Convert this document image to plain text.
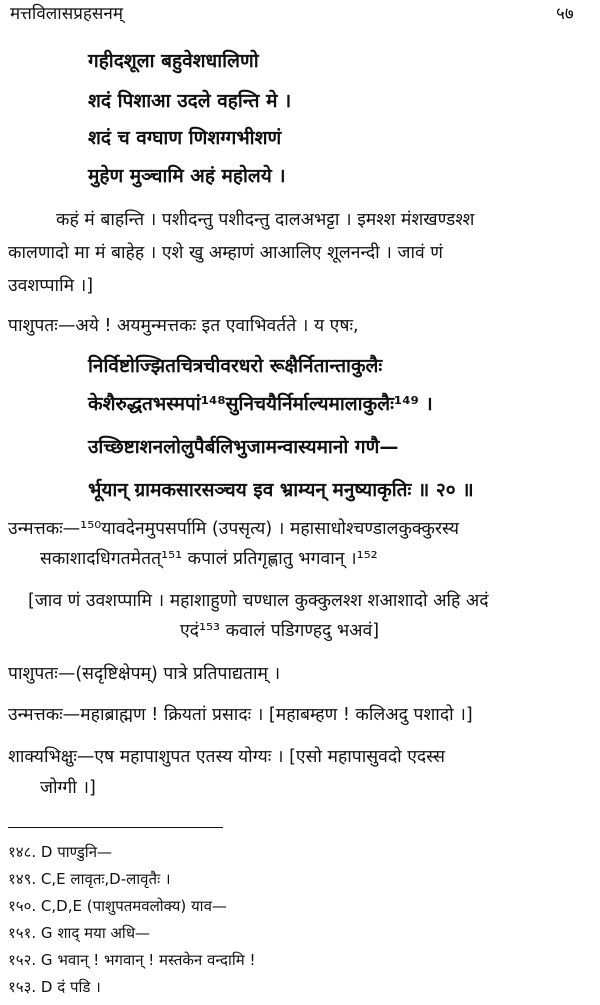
मत्तविलासप्रहसनम्	५७
गहीदशूला बहुवेशधालिणो
शदं पिशाआ उदले वहन्ति मे ।
शदं च वग्घाण णिशग्गभीशणं
मुहेण मुञ्चामि अहं महोलये ।
कहं मं बाहन्ति । पशीदन्तु पशीदन्तु दालअभट्टा । इमश्श मंशखण्डश्श
कालणादो मा मं बाहेह । एशे खु अम्हाणं आआलिए शूलनन्दी । जावं णं
उवशप्पामि ।]
पाशुपतः—अये ! अयमुन्मत्तकः इत एवाभिवर्तते । य एषः,
निर्विष्टोज्झितचित्रचीवरधरो रूक्षैर्नितान्ताकुलैः
केशैरुद्धतभस्मपां¹⁴⁸सुनिचयैर्निर्माल्यमालाकुलैः¹⁴⁹ ।
उच्छिष्टाशनलोलुपैर्बलिभुजामन्वास्यमानो गणै—
र्भूयान् ग्रामकसारसञ्चय इव भ्राम्यन् मनुष्याकृतिः ॥ २० ॥
उन्मत्तकः—¹⁵⁰यावदेनमुपसर्पामि (उपसृत्य) । महासाधोश्चण्डालकुक्कुरस्य
सकाशादधिगतमेतत्¹⁵¹ कपालं प्रतिगृह्णातु भगवान् ।¹⁵²
[जाव णं उवशप्पामि । महाशाहुणो चण्धाल कुक्कुलश्श शआशादो अहि अदं
एदं¹⁵³ कवालं पडिगण्हदु भअवं]
पाशुपतः—(सदृष्टिक्षेपम्) पात्रे प्रतिपाद्यताम् ।
उन्मत्तकः—महाब्राह्मण ! क्रियतां प्रसादः । [महाबम्हण ! कलिअदु पशादो ।]
शाक्यभिक्षुः—एष महापाशुपत एतस्य योग्यः । [एसो महापासुवदो एदस्स
जोग्गी ।]
१४८. D पाण्डुनि—
१४९. C,E लावृतः,D-लावृतैः ।
१५०. C,D,E (पाशुपतमवलोक्य) याव—
१५१. G शाद् मया अधि—
१५२. G भवान् ! भगवान् ! मस्तकेन वन्दामि !
१५३. D दं पडि ।
